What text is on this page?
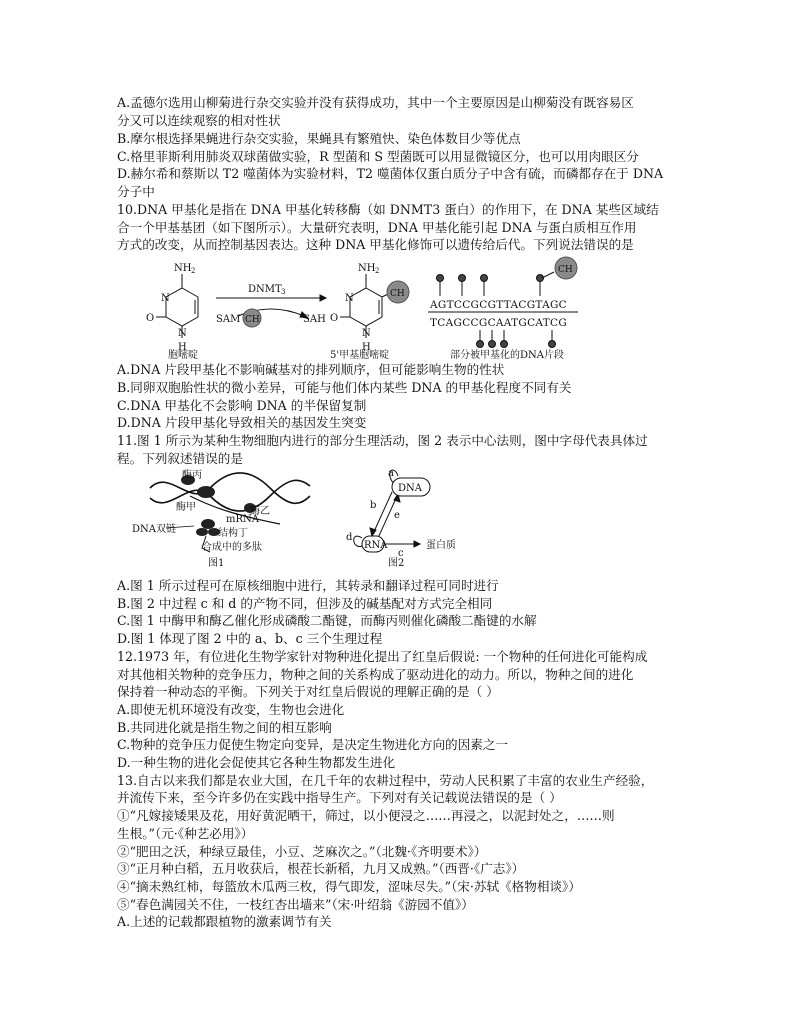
A.孟德尔选用山柳菊进行杂交实验并没有获得成功，其中一个主要原因是山柳菊没有既容易区
分又可以连续观察的相对性状
B.摩尔根选择果蝇进行杂交实验，果蝇具有繁殖快、染色体数目少等优点
C.格里菲斯利用肺炎双球菌做实验，R 型菌和 S 型菌既可以用显微镜区分，也可以用肉眼区分
D.赫尔希和蔡斯以 T2 噬菌体为实验材料，T2 噬菌体仅蛋白质分子中含有硫，而磷都存在于 DNA
分子中
10.DNA 甲基化是指在 DNA 甲基化转移酶（如 DNMT3 蛋白）的作用下，在 DNA 某些区域结
合一个甲基基团（如下图所示）。大量研究表明，DNA 甲基化能引起 DNA 与蛋白质相互作用
方式的改变，从而控制基因表达。这种 DNA 甲基化修饰可以遗传给后代。下列说法错误的是
NH 2
N
N
H
O
胞嘧啶
DNMT 3
SAM CH	SAH
CH
NH 2
N
N
H
O
5'甲基胞嘧啶
CH
AGTCCGCGTTACGTAGC
TCAGCCGCAATGCATCG
部分被甲基化的DNA片段
A.DNA 片段甲基化不影响碱基对的排列顺序，但可能影响生物的性状
B.同卵双胞胎性状的微小差异，可能与他们体内某些 DNA 的甲基化程度不同有关
C.DNA 甲基化不会影响 DNA 的半保留复制
D.DNA 片段甲基化导致相关的基因发生突变
11.图 1 所示为某种生物细胞内进行的部分生理活动，图 2 表示中心法则，图中字母代表具体过
程。下列叙述错误的是
酶丙
酶甲	酶乙
mRNA
DNA双链	结构丁
合成中的多肽
图1
DNA
RNA	蛋白质
a
b
c
d
e
图2
A.图 1 所示过程可在原核细胞中进行，其转录和翻译过程可同时进行
B.图 2 中过程 c 和 d 的产物不同，但涉及的碱基配对方式完全相同
C.图 1 中酶甲和酶乙催化形成磷酸二酯键，而酶丙则催化磷酸二酯键的水解
D.图 1 体现了图 2 中的 a、b、c 三个生理过程
12.1973 年，有位进化生物学家针对物种进化提出了红皇后假说: 一个物种的任何进化可能构成
对其他相关物种的竞争压力，物种之间的关系构成了驱动进化的动力。所以，物种之间的进化
保持着一种动态的平衡。下列关于对红皇后假说的理解正确的是（ ）
A.即使无机环境没有改变，生物也会进化
B.共同进化就是指生物之间的相互影响
C.物种的竞争压力促使生物定向变异，是决定生物进化方向的因素之一
D.一种生物的进化会促使其它各种生物都发生进化
13.自古以来我们都是农业大国，在几千年的农耕过程中，劳动人民积累了丰富的农业生产经验，
并流传下来，至今许多仍在实践中指导生产。下列对有关记载说法错误的是（ ）
①“凡嫁接矮果及花，用好黄泥晒干，筛过，以小便浸之……再浸之，以泥封处之，……则
生根。”（元·《种艺必用》）
②“肥田之沃，种绿豆最佳，小豆、芝麻次之。”（北魏·《齐明要术》）
③“正月种白稻，五月收获后，根茬长新稻，九月又成熟。”（西晋·《广志》）
④“摘未熟红柿，每篮放木瓜两三枚，得气即发，涩味尽失。”（宋·苏轼《格物相谈》）
⑤“春色满园关不住，一枝红杏出墙来”（宋·叶绍翁《游园不值》）
A.上述的记载都跟植物的激素调节有关
